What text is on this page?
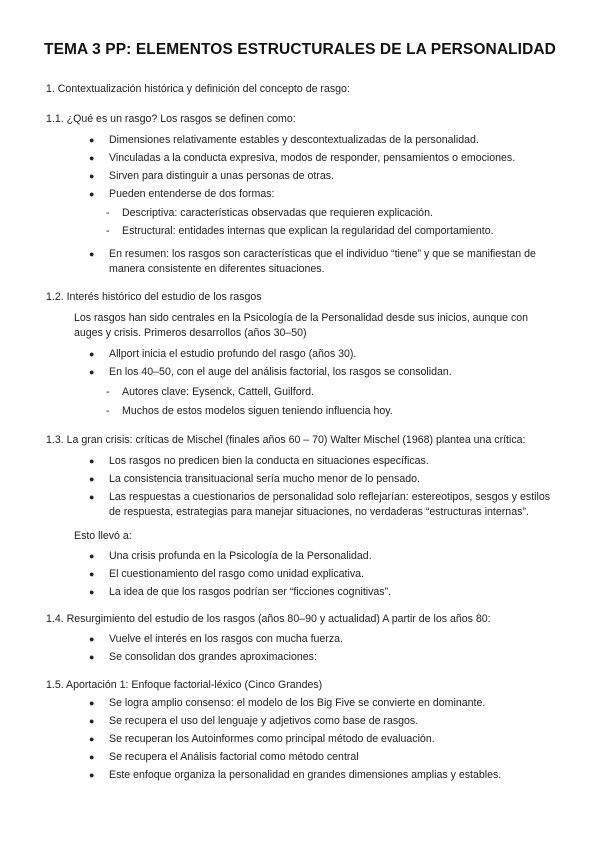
TEMA 3 PP: ELEMENTOS ESTRUCTURALES DE LA PERSONALIDAD
1. Contextualización histórica y definición del concepto de rasgo:
1.1. ¿Qué es un rasgo? Los rasgos se definen como:
● Dimensiones relativamente estables y descontextualizadas de la personalidad.
● Vinculadas a la conducta expresiva, modos de responder, pensamientos o emociones.
● Sirven para distinguir a unas personas de otras.
● Pueden entenderse de dos formas:
- Descriptiva: características observadas que requieren explicación.
- Estructural: entidades internas que explican la regularidad del comportamiento.
● En resumen: los rasgos son características que el individuo “tiene” y que se manifiestan de
manera consistente en diferentes situaciones.
1.2. Interés histórico del estudio de los rasgos
Los rasgos han sido centrales en la Psicología de la Personalidad desde sus inicios, aunque con
auges y crisis. Primeros desarrollos (años 30–50)
● Allport inicia el estudio profundo del rasgo (años 30).
● En los 40–50, con el auge del análisis factorial, los rasgos se consolidan.
- Autores clave: Eysenck, Cattell, Guilford.
- Muchos de estos modelos siguen teniendo influencia hoy.
1.3. La gran crisis: críticas de Mischel (finales años 60 – 70) Walter Mischel (1968) plantea una crítica:
● Los rasgos no predicen bien la conducta en situaciones específicas.
● La consistencia transituacional sería mucho menor de lo pensado.
● Las respuestas a cuestionarios de personalidad solo reflejarían: estereotipos, sesgos y estilos
de respuesta, estrategias para manejar situaciones, no verdaderas “estructuras internas”.
Esto llevó a:
● Una crisis profunda en la Psicología de la Personalidad.
● El cuestionamiento del rasgo como unidad explicativa.
● La idea de que los rasgos podrían ser “ficciones cognitivas”.
1.4. Resurgimiento del estudio de los rasgos (años 80–90 y actualidad) A partir de los años 80:
● Vuelve el interés en los rasgos con mucha fuerza.
● Se consolidan dos grandes aproximaciones:
1.5. Aportación 1: Enfoque factorial-léxico (Cinco Grandes)
● Se logra amplio consenso: el modelo de los Big Five se convierte en dominante.
● Se recupera el uso del lenguaje y adjetivos como base de rasgos.
● Se recuperan los Autoinformes como principal método de evaluación.
● Se recupera el Análisis factorial como método central
● Este enfoque organiza la personalidad en grandes dimensiones amplias y estables.
